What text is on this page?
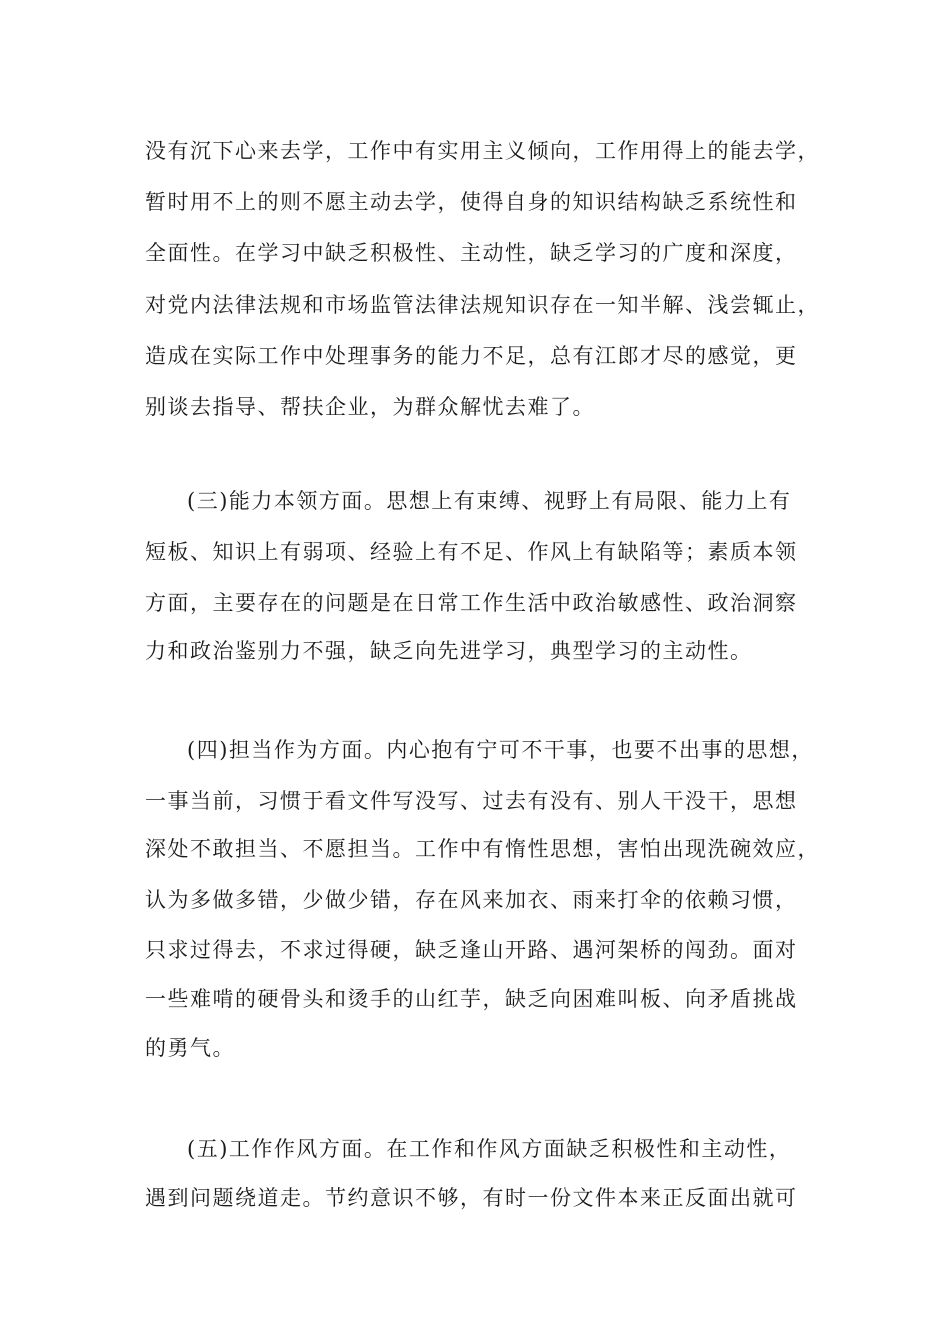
没有沉下心来去学，工作中有实用主义倾向，工作用得上的能去学，
暂时用不上的则不愿主动去学，使得自身的知识结构缺乏系统性和
全面性。在学习中缺乏积极性、主动性，缺乏学习的广度和深度，
对党内法律法规和市场监管法律法规知识存在一知半解、浅尝辄止，
造成在实际工作中处理事务的能力不足，总有江郎才尽的感觉，更
别谈去指导、帮扶企业，为群众解忧去难了。
(三)能力本领方面。思想上有束缚、视野上有局限、能力上有
短板、知识上有弱项、经验上有不足、作风上有缺陷等；素质本领
方面，主要存在的问题是在日常工作生活中政治敏感性、政治洞察
力和政治鉴别力不强，缺乏向先进学习，典型学习的主动性。
(四)担当作为方面。内心抱有宁可不干事，也要不出事的思想，
一事当前，习惯于看文件写没写、过去有没有、别人干没干，思想
深处不敢担当、不愿担当。工作中有惰性思想，害怕出现洗碗效应，
认为多做多错，少做少错，存在风来加衣、雨来打伞的依赖习惯，
只求过得去，不求过得硬，缺乏逢山开路、遇河架桥的闯劲。面对
一些难啃的硬骨头和烫手的山红芋，缺乏向困难叫板、向矛盾挑战
的勇气。
(五)工作作风方面。在工作和作风方面缺乏积极性和主动性，
遇到问题绕道走。节约意识不够，有时一份文件本来正反面出就可
